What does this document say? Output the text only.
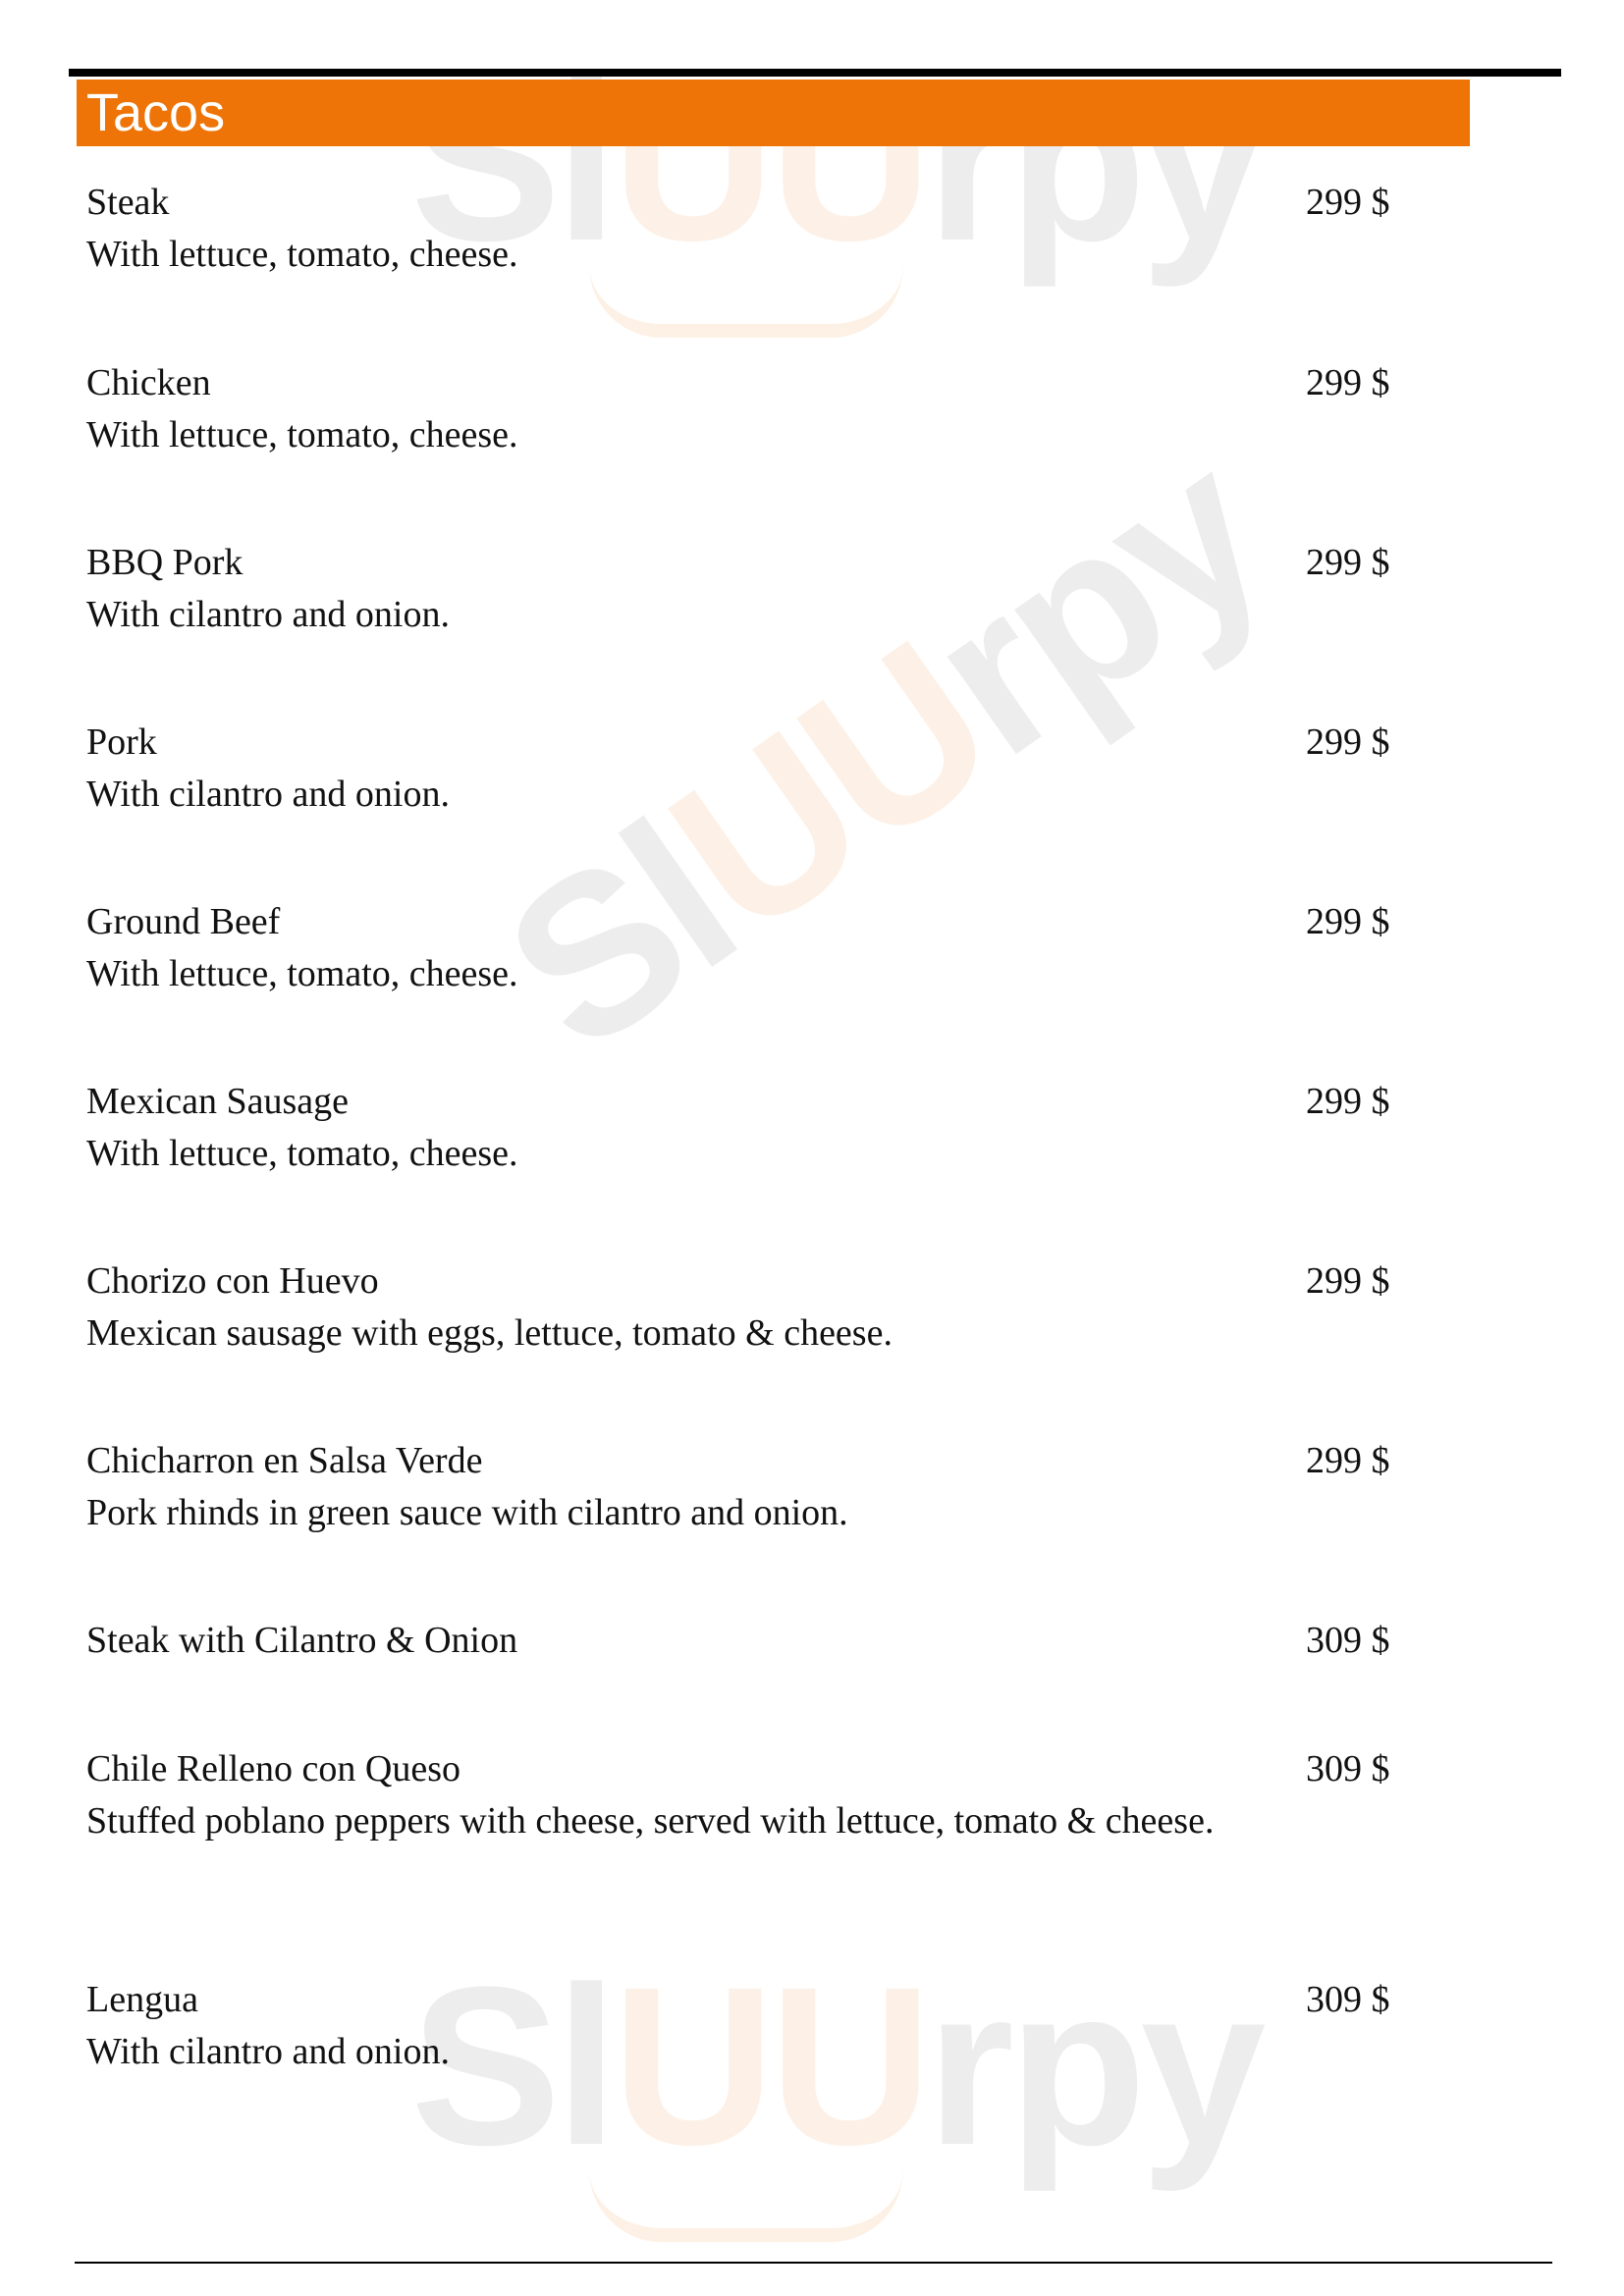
SlUUrpy
SlUUrpy
SlUUrpy
Tacos
Steak
With lettuce, tomato, cheese.
299 $
Chicken
With lettuce, tomato, cheese.
299 $
BBQ Pork
With cilantro and onion.
299 $
Pork
With cilantro and onion.
299 $
Ground Beef
With lettuce, tomato, cheese.
299 $
Mexican Sausage
With lettuce, tomato, cheese.
299 $
Chorizo con Huevo
Mexican sausage with eggs, lettuce, tomato & cheese.
299 $
Chicharron en Salsa Verde
Pork rhinds in green sauce with cilantro and onion.
299 $
Steak with Cilantro & Onion	309 $
Chile Relleno con Queso
Stuffed poblano peppers with cheese, served with lettuce, tomato & cheese.
309 $
Lengua
With cilantro and onion.
309 $
